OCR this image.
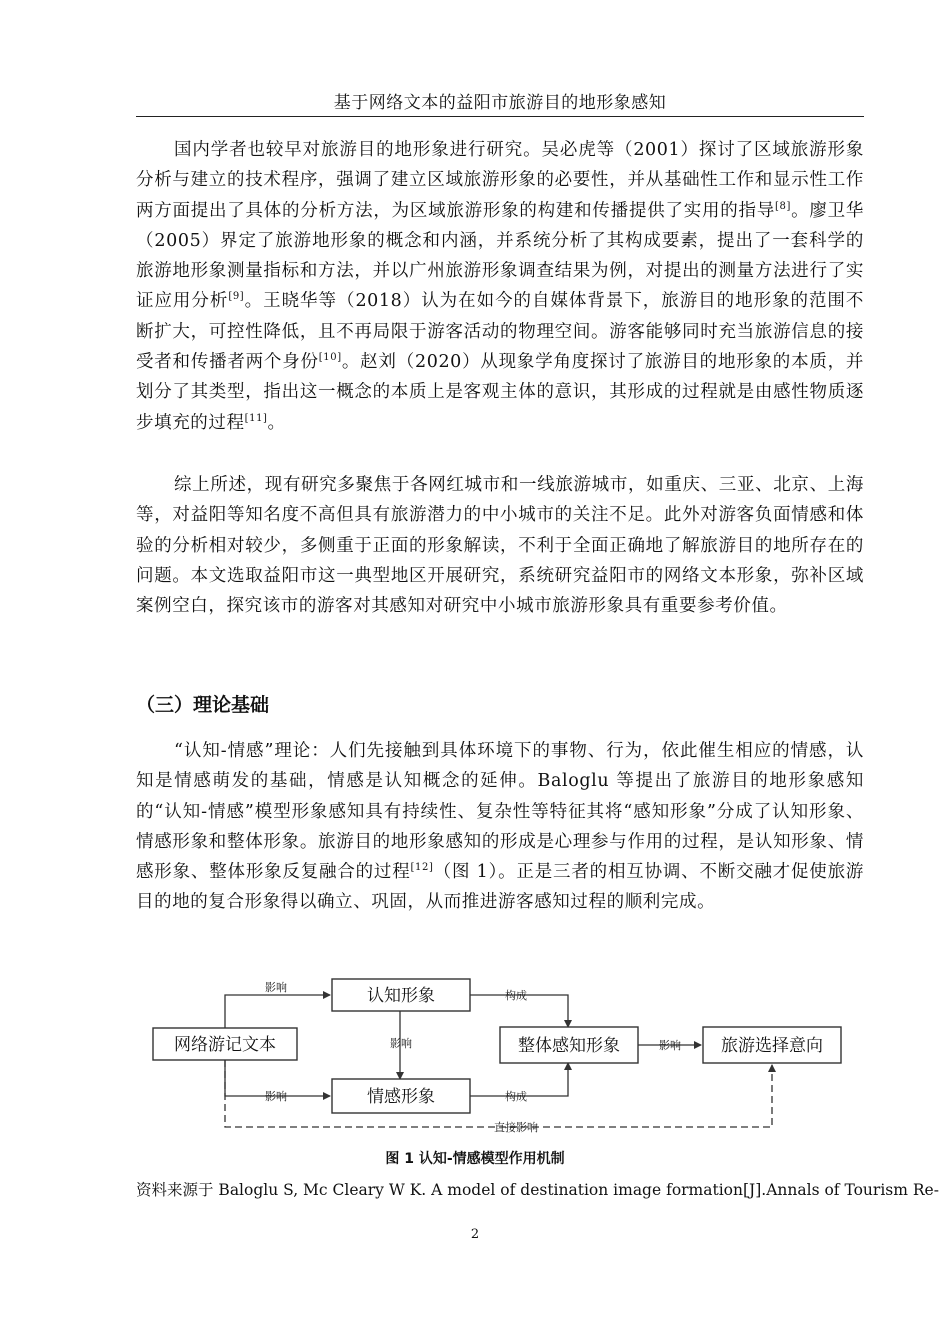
基于网络文本的益阳市旅游目的地形象感知

国内学者也较早对旅游目的地形象进行研究。吴必虎等（2001）探讨了区域旅游形象分析与建立的技术程序，强调了建立区域旅游形象的必要性，并从基础性工作和显示性工作两方面提出了具体的分析方法，为区域旅游形象的构建和传播提供了实用的指导[8]。廖卫华（2005）界定了旅游地形象的概念和内涵，并系统分析了其构成要素，提出了一套科学的旅游地形象测量指标和方法，并以广州旅游形象调查结果为例，对提出的测量方法进行了实证应用分析[9]。王晓华等（2018）认为在如今的自媒体背景下，旅游目的地形象的范围不断扩大，可控性降低，且不再局限于游客活动的物理空间。游客能够同时充当旅游信息的接受者和传播者两个身份[10]。赵刘（2020）从现象学角度探讨了旅游目的地形象的本质，并划分了其类型，指出这一概念的本质上是客观主体的意识，其形成的过程就是由感性物质逐步填充的过程[11]。

综上所述，现有研究多聚焦于各网红城市和一线旅游城市，如重庆、三亚、北京、上海等，对益阳等知名度不高但具有旅游潜力的中小城市的关注不足。此外对游客负面情感和体验的分析相对较少，多侧重于正面的形象解读，不利于全面正确地了解旅游目的地所存在的问题。本文选取益阳市这一典型地区开展研究，系统研究益阳市的网络文本形象，弥补区域案例空白，探究该市的游客对其感知对研究中小城市旅游形象具有重要参考价值。

（三）理论基础

“认知-情感”理论：人们先接触到具体环境下的事物、行为，依此催生相应的情感，认知是情感萌发的基础，情感是认知概念的延伸。Baloglu 等提出了旅游目的地形象感知的“认知-情感”模型形象感知具有持续性、复杂性等特征其将“感知形象”分成了认知形象、情感形象和整体形象。旅游目的地形象感知的形成是心理参与作用的过程，是认知形象、情感形象、整体形象反复融合的过程[12]（图 1）。正是三者的相互协调、不断交融才促使旅游目的地的复合形象得以确立、巩固，从而推进游客感知过程的顺利完成。

网络游记文本
认知形象
情感形象
整体感知形象	旅游选择意向
影响
影响
影响
构成
构成
影响
直接影响
图 1 认知-情感模型作用机制
资料来源于 Baloglu S, Mc Cleary W K. A model of destination image formation[J].Annals of Tourism Re-
2
